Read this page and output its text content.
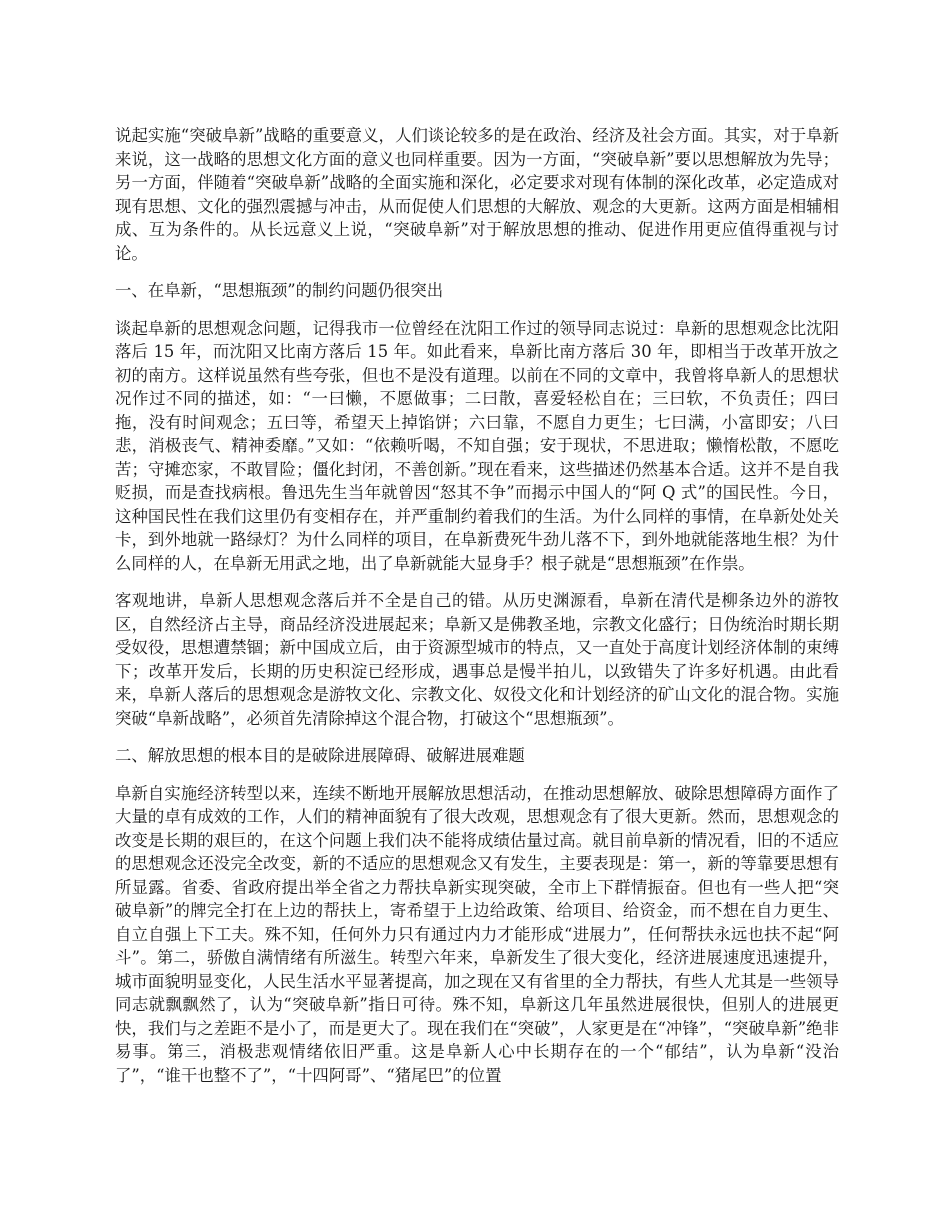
说起实施“突破阜新”战略的重要意义，人们谈论较多的是在政治、经济及社会方面。其实，对于阜新来说，这一战略的思想文化方面的意义也同样重要。因为一方面，“突破阜新”要以思想解放为先导；另一方面，伴随着“突破阜新”战略的全面实施和深化，必定要求对现有体制的深化改革，必定造成对现有思想、文化的强烈震撼与冲击，从而促使人们思想的大解放、观念的大更新。这两方面是相辅相成、互为条件的。从长远意义上说，“突破阜新”对于解放思想的推动、促进作用更应值得重视与讨论。

一、在阜新，“思想瓶颈”的制约问题仍很突出

谈起阜新的思想观念问题，记得我市一位曾经在沈阳工作过的领导同志说过：阜新的思想观念比沈阳落后 15 年，而沈阳又比南方落后 15 年。如此看来，阜新比南方落后 30 年，即相当于改革开放之初的南方。这样说虽然有些夸张，但也不是没有道理。以前在不同的文章中，我曾将阜新人的思想状况作过不同的描述，如：“一曰懒，不愿做事；二曰散，喜爱轻松自在；三曰软，不负责任；四曰拖，没有时间观念；五曰等，希望天上掉馅饼；六曰靠，不愿自力更生；七曰满，小富即安；八曰悲，消极丧气、精神委靡。”又如：“依赖听喝，不知自强；安于现状，不思进取；懒惰松散，不愿吃苦；守摊恋家，不敢冒险；僵化封闭，不善创新。”现在看来，这些描述仍然基本合适。这并不是自我贬损，而是查找病根。鲁迅先生当年就曾因“怒其不争”而揭示中国人的“阿 Q 式”的国民性。今日，这种国民性在我们这里仍有变相存在，并严重制约着我们的生活。为什么同样的事情，在阜新处处关卡，到外地就一路绿灯？为什么同样的项目，在阜新费死牛劲儿落不下，到外地就能落地生根？为什么同样的人，在阜新无用武之地，出了阜新就能大显身手？根子就是“思想瓶颈”在作祟。

客观地讲，阜新人思想观念落后并不全是自己的错。从历史渊源看，阜新在清代是柳条边外的游牧区，自然经济占主导，商品经济没进展起来；阜新又是佛教圣地，宗教文化盛行；日伪统治时期长期受奴役，思想遭禁锢；新中国成立后，由于资源型城市的特点，又一直处于高度计划经济体制的束缚下；改革开发后，长期的历史积淀已经形成，遇事总是慢半拍儿，以致错失了许多好机遇。由此看来，阜新人落后的思想观念是游牧文化、宗教文化、奴役文化和计划经济的矿山文化的混合物。实施突破“阜新战略”，必须首先清除掉这个混合物，打破这个“思想瓶颈”。

二、解放思想的根本目的是破除进展障碍、破解进展难题

阜新自实施经济转型以来，连续不断地开展解放思想活动，在推动思想解放、破除思想障碍方面作了大量的卓有成效的工作，人们的精神面貌有了很大改观，思想观念有了很大更新。然而，思想观念的改变是长期的艰巨的，在这个问题上我们决不能将成绩估量过高。就目前阜新的情况看，旧的不适应的思想观念还没完全改变，新的不适应的思想观念又有发生，主要表现是：第一，新的等靠要思想有所显露。省委、省政府提出举全省之力帮扶阜新实现突破，全市上下群情振奋。但也有一些人把“突破阜新”的牌完全打在上边的帮扶上，寄希望于上边给政策、给项目、给资金，而不想在自力更生、自立自强上下工夫。殊不知，任何外力只有通过内力才能形成“进展力”，任何帮扶永远也扶不起“阿斗”。第二，骄傲自满情绪有所滋生。转型六年来，阜新发生了很大变化，经济进展速度迅速提升，城市面貌明显变化，人民生活水平显著提高，加之现在又有省里的全力帮扶，有些人尤其是一些领导同志就飘飘然了，认为“突破阜新”指日可待。殊不知，阜新这几年虽然进展很快，但别人的进展更快，我们与之差距不是小了，而是更大了。现在我们在“突破”，人家更是在“冲锋”，“突破阜新”绝非易事。第三，消极悲观情绪依旧严重。这是阜新人心中长期存在的一个“郁结”，认为阜新“没治了”，“谁干也整不了”，“十四阿哥”、“猪尾巴”的位置
